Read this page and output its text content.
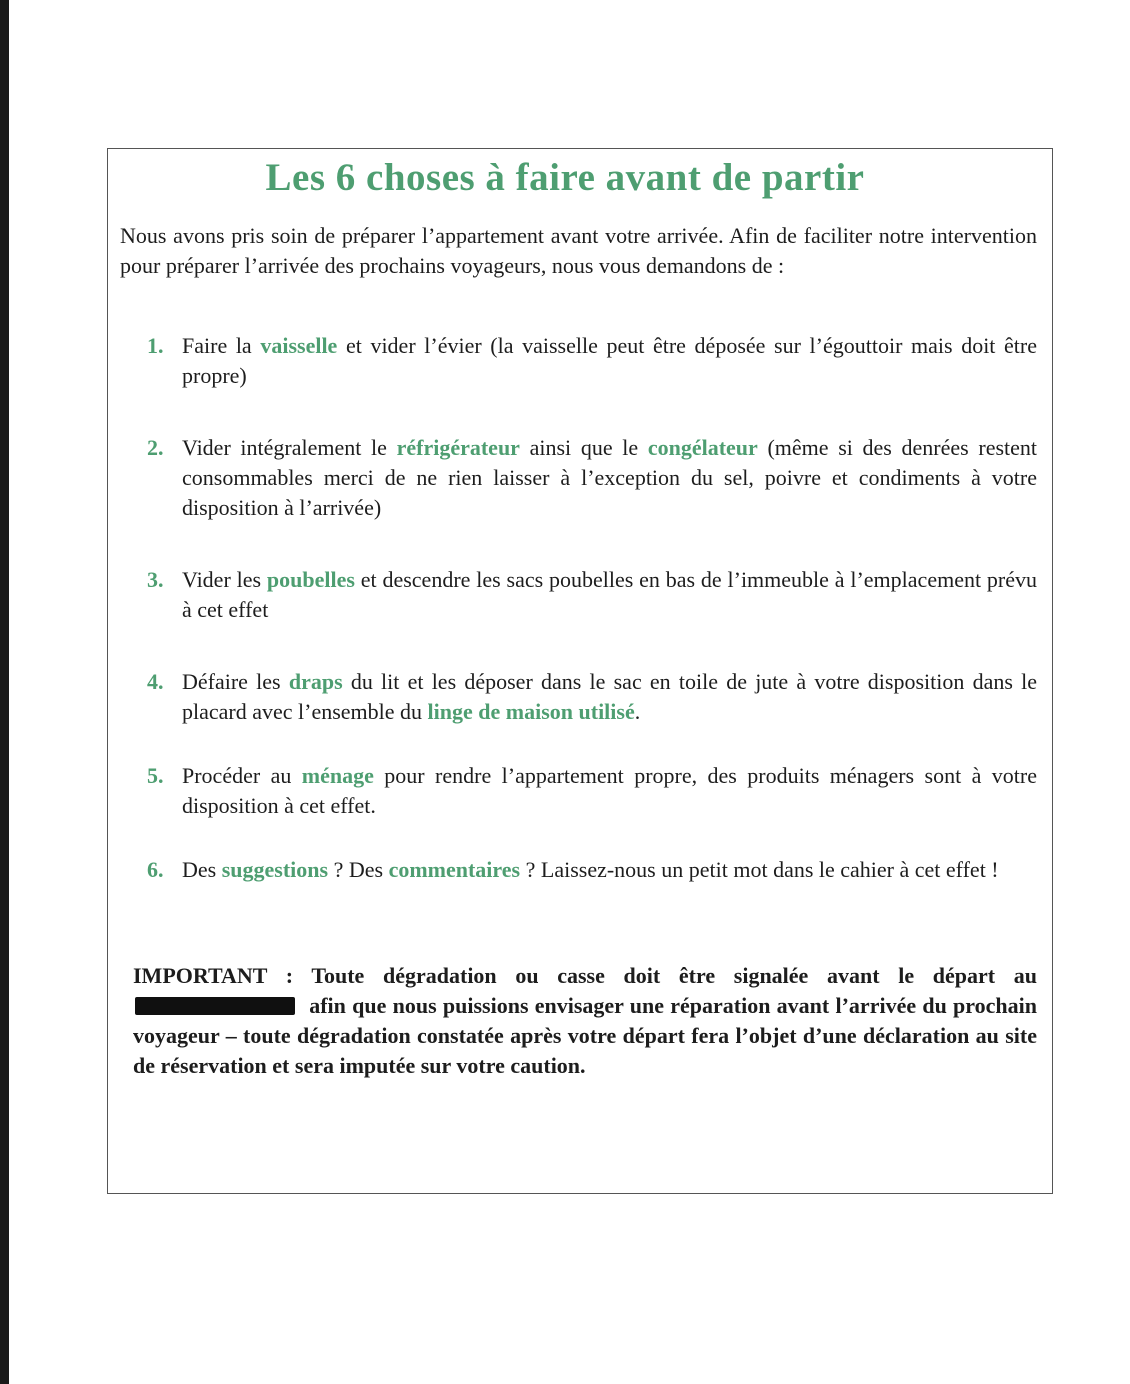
Les 6 choses à faire avant de partir
Nous avons pris soin de préparer l’appartement avant votre arrivée. Afin de faciliter notre intervention pour préparer l’arrivée des prochains voyageurs, nous vous demandons de :
1. Faire la vaisselle et vider l’évier (la vaisselle peut être déposée sur l’égouttoir mais doit être propre)
2. Vider intégralement le réfrigérateur ainsi que le congélateur (même si des denrées restent consommables merci de ne rien laisser à l’exception du sel, poivre et condiments à votre disposition à l’arrivée)
3. Vider les poubelles et descendre les sacs poubelles en bas de l’immeuble à l’emplacement prévu à cet effet
4. Défaire les draps du lit et les déposer dans le sac en toile de jute à votre disposition dans le placard avec l’ensemble du linge de maison utilisé.
5. Procéder au ménage pour rendre l’appartement propre, des produits ménagers sont à votre disposition à cet effet.
6. Des suggestions ? Des commentaires ? Laissez-nous un petit mot dans le cahier à cet effet !
IMPORTANT : Toute dégradation ou casse doit être signalée avant le départ au afin que nous puissions envisager une réparation avant l’arrivée du prochain voyageur – toute dégradation constatée après votre départ fera l’objet d’une déclaration au site de réservation et sera imputée sur votre caution.
